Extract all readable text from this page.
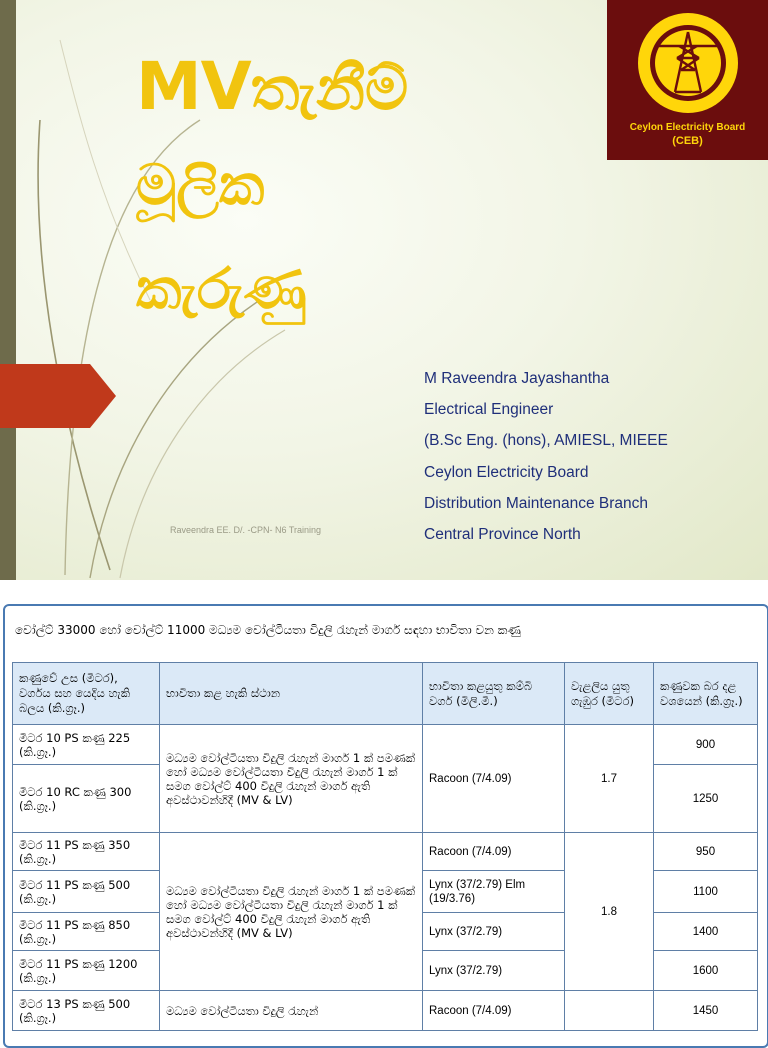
MVතැනීම්
මූලික
කැරුණු
Raveendra EE. D/. -CPN- N6 Training
M Raveendra Jayashantha
Electrical Engineer
(B.Sc Eng. (hons), AMIESL, MIEEE
Ceylon Electricity Board
Distribution Maintenance Branch
Central Province North
Ceylon Electricity Board
(CEB)
වෝල්ට් 33000 හෝ වෝල්ට් 11000 මධ්‍යම වෝල්ටීයතා විදුලි රැහැන් මාර්ග සඳහා භාවිතා වන කණු
කණුවේ උස (මීටර), වර්ගය සහ යෙදිය හැකි බලය (කි.ග්‍රෑ.)	භාවිතා කළ හැකි ස්ථාන	භාවිතා කළයුතු කම්බි වර්ග (මිලි.මී.)	වැළලිය යුතු ගැඹුර (මීටර)	කණුවක බර දළ වශයෙන් (කි.ග්‍රෑ.)
මීටර 10 PS කණු 225 (කි.ග්‍රෑ.)	මධ්‍යම වෝල්ටීයතා විදුලි රැහැන් මාර්ග 1 ක් පමණක් හෝ මධ්‍යම වෝල්ටීයතා විදුලි රැහැන් මාර්ග 1 ක් සමග වෝල්ට් 400 විදුලි රැහැන් මාර්ග ඇති අවස්ථාවන්හිදී (MV & LV)	Racoon (7/4.09)	1.7	900
මීටර 10 RC කණු 300 (කි.ග්‍රෑ.)				1250
මීටර 11 PS කණු 350 (කි.ග්‍රෑ.)	මධ්‍යම වෝල්ටීයතා විදුලි රැහැන් මාර්ග 1 ක් පමණක් හෝ මධ්‍යම වෝල්ටීයතා විදුලි රැහැන් මාර්ග 1 ක් සමග වෝල්ට් 400 විදුලි රැහැන් මාර්ග ඇති අවස්ථාවන්හිදී (MV & LV)	Racoon (7/4.09)	1.8	950
මීටර 11 PS කණු 500 (කි.ග්‍රෑ.)		Lynx (37/2.79) Elm (19/3.76)		1100
මීටර 11 PS කණු 850 (කි.ග්‍රෑ.)		Lynx (37/2.79)		1400
මීටර 11 PS කණු 1200 (කි.ග්‍රෑ.)		Lynx (37/2.79)		1600
මීටර 13 PS කණු 500 (කි.ග්‍රෑ.)	මධ්‍යම වෝල්ටීයතා විදුලි රැහැන්	Racoon (7/4.09)		1450
